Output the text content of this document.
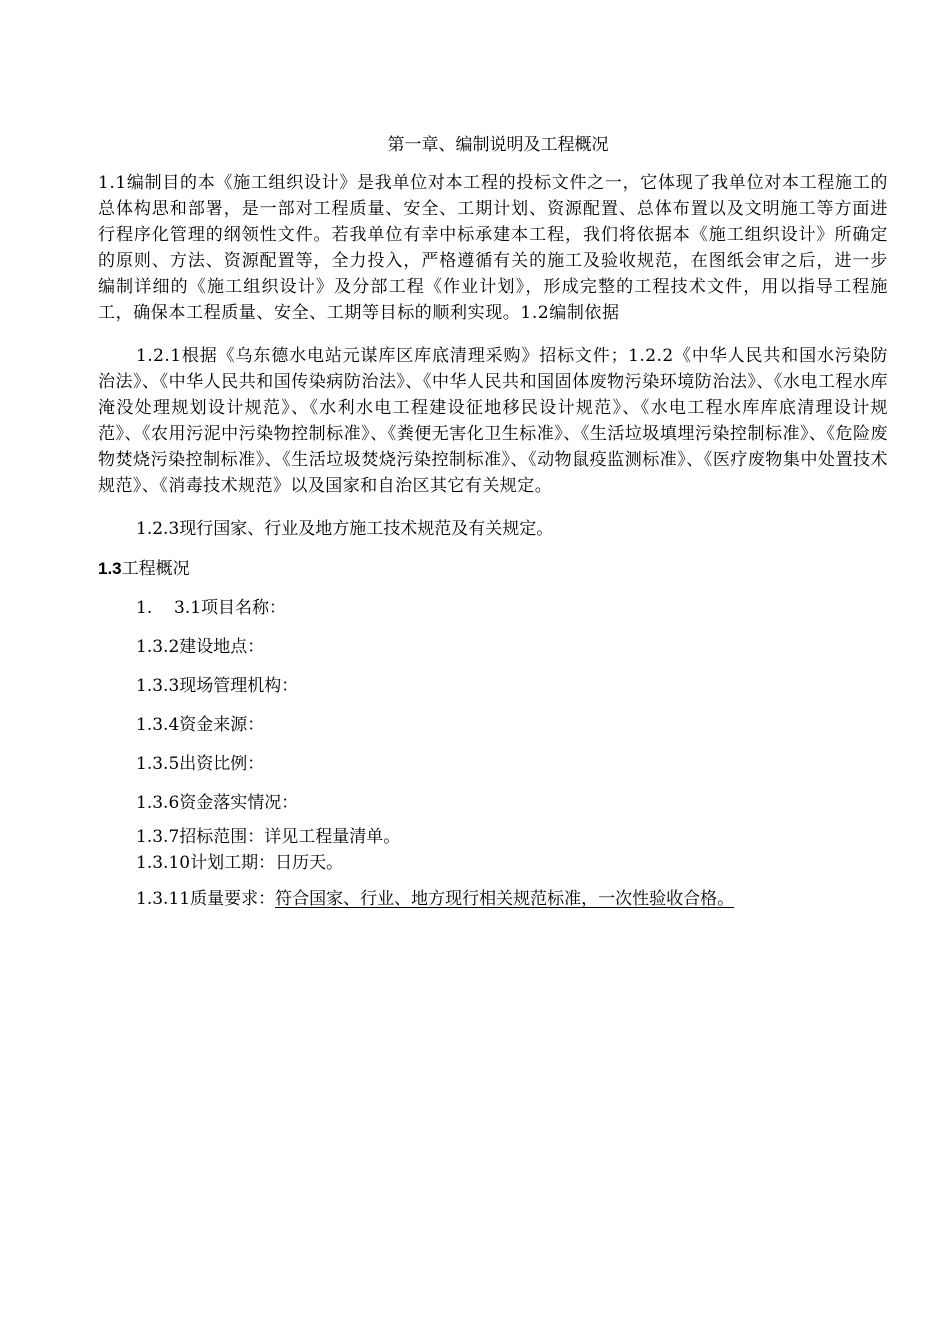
第一章、编制说明及工程概况
1.1编制目的本《施工组织设计》是我单位对本工程的投标文件之一，它体现了我单位对本工程施工的总体构思和部署，是一部对工程质量、安全、工期计划、资源配置、总体布置以及文明施工等方面进行程序化管理的纲领性文件。若我单位有幸中标承建本工程，我们将依据本《施工组织设计》所确定的原则、方法、资源配置等，全力投入，严格遵循有关的施工及验收规范，在图纸会审之后，进一步编制详细的《施工组织设计》及分部工程《作业计划》，形成完整的工程技术文件，用以指导工程施工，确保本工程质量、安全、工期等目标的顺利实现。1.2编制依据
1.2.1根据《乌东德水电站元谋库区库底清理采购》招标文件；1.2.2《中华人民共和国水污染防治法》、《中华人民共和国传染病防治法》、《中华人民共和国固体废物污染环境防治法》、《水电工程水库淹没处理规划设计规范》、《水利水电工程建设征地移民设计规范》、《水电工程水库库底清理设计规范》、《农用污泥中污染物控制标准》、《粪便无害化卫生标准》、《生活垃圾填埋污染控制标准》、《危险废物焚烧污染控制标准》、《生活垃圾焚烧污染控制标准》、《动物鼠疫监测标准》、《医疗废物集中处置技术规范》、《消毒技术规范》以及国家和自治区其它有关规定。
1.2.3现行国家、行业及地方施工技术规范及有关规定。
1.3工程概况
1. 3.1项目名称：
1.3.2建设地点：
1.3.3现场管理机构：
1.3.4资金来源：
1.3.5出资比例：
1.3.6资金落实情况：
1.3.7招标范围：详见工程量清单。
1.3.10计划工期：日历天。
1.3.11质量要求：符合国家、行业、地方现行相关规范标准，一次性验收合格。
